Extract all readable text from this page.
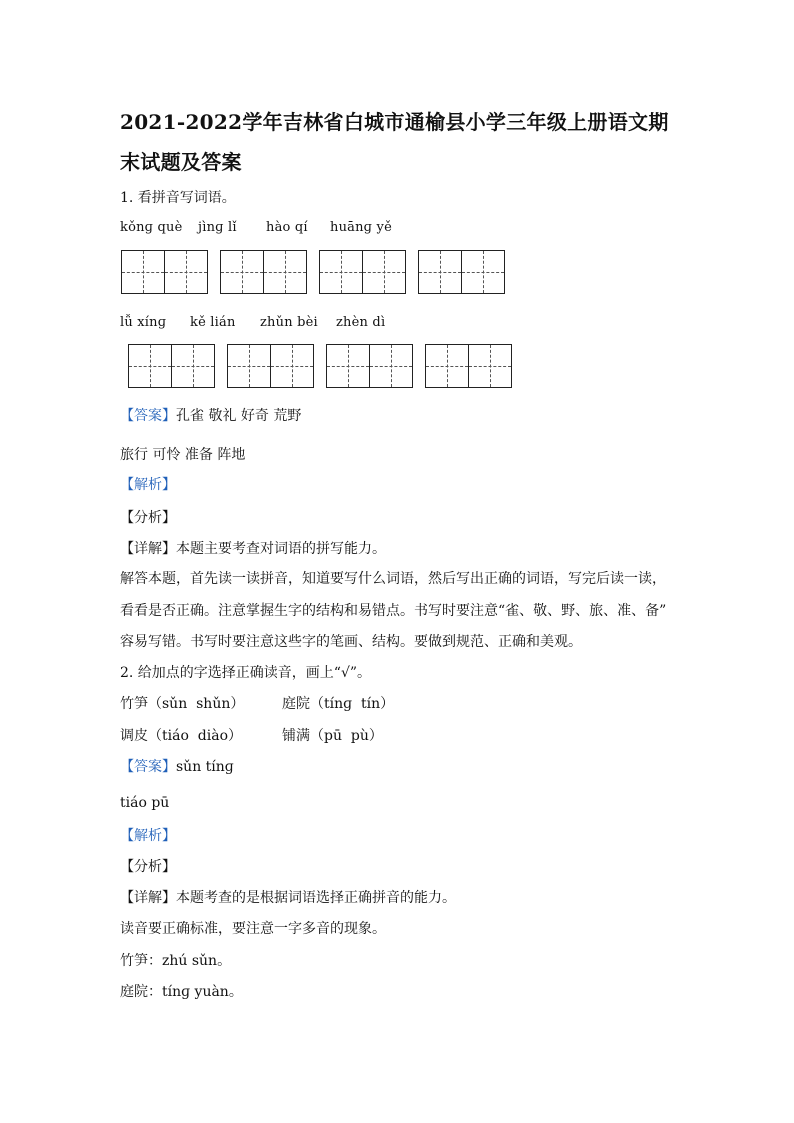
2021-2022学年吉林省白城市通榆县小学三年级上册语文期
末试题及答案
1. 看拼音写词语。
kǒnɡ què jìnɡ lǐ hào qí huānɡ yě
lǚ xínɡ kě lián zhǔn bèi zhèn dì
【答案】孔雀 敬礼 好奇 荒野
旅行 可怜 准备 阵地
【解析】
【分析】
【详解】本题主要考查对词语的拼写能力。
解答本题，首先读一读拼音，知道要写什么词语，然后写出正确的词语，写完后读一读，
看看是否正确。注意掌握生字的结构和易错点。书写时要注意“雀、敬、野、旅、准、备”
容易写错。书写时要注意这些字的笔画、结构。要做到规范、正确和美观。
2. 给加点的字选择正确读音，画上“√”。
竹笋（sǔn  shǔn）	庭院（tínɡ  tín）
调皮（tiáo  diào）	铺满（pū  pù）
【答案】sǔn tínɡ
tiáo pū
【解析】
【分析】
【详解】本题考查的是根据词语选择正确拼音的能力。
读音要正确标准，要注意一字多音的现象。
竹笋：zhú sǔn。
庭院：tínɡ yuàn。
